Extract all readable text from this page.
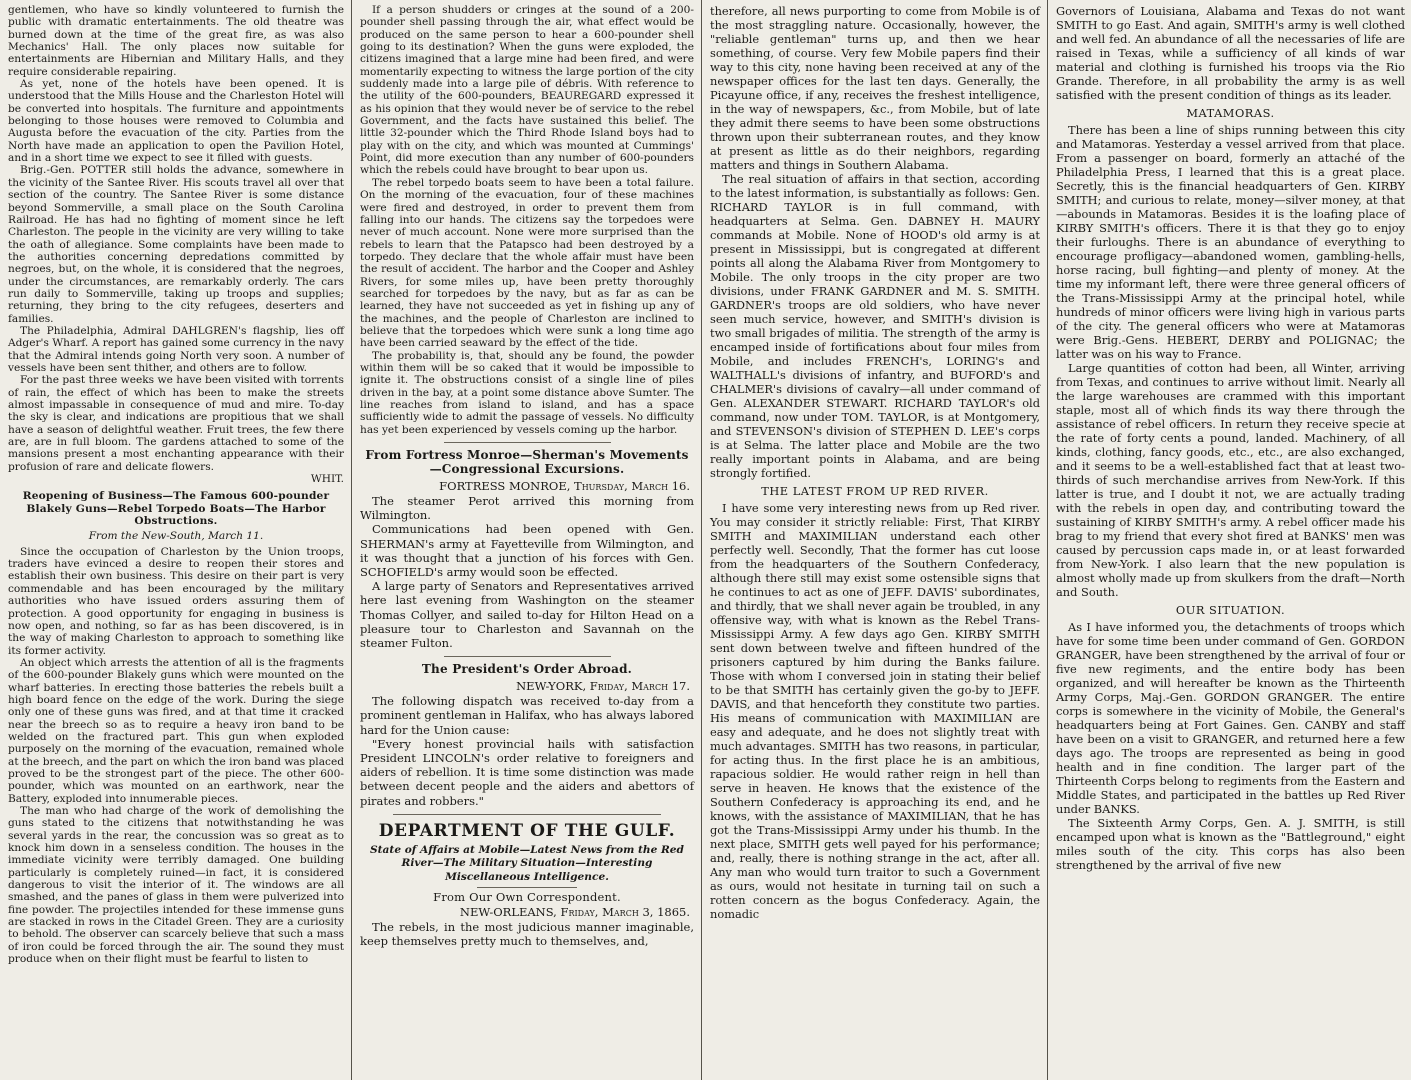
gentlemen, who have so kindly volunteered to furnish the public with dramatic entertainments. The old theatre was burned down at the time of the great fire, as was also Mechanics' Hall. The only places now suitable for entertainments are Hibernian and Military Halls, and they require considerable repairing.

As yet, none of the hotels have been opened. It is understood that the Mills House and the Charleston Hotel will be converted into hospitals. The furniture and appointments belonging to those houses were removed to Columbia and Augusta before the evacuation of the city. Parties from the North have made an application to open the Pavilion Hotel, and in a short time we expect to see it filled with guests.

Brig.-Gen. POTTER still holds the advance, somewhere in the vicinity of the Santee River. His scouts travel all over that section of the country. The Santee River is some distance beyond Sommerville, a small place on the South Carolina Railroad. He has had no fighting of moment since he left Charleston. The people in the vicinity are very willing to take the oath of allegiance. Some complaints have been made to the authorities concerning depredations committed by negroes, but, on the whole, it is considered that the negroes, under the circumstances, are remarkably orderly. The cars run daily to Sommerville, taking up troops and supplies; returning, they bring to the city refugees, deserters and families.

The Philadelphia, Admiral DAHLGREN's flagship, lies off Adger's Wharf. A report has gained some currency in the navy that the Admiral intends going North very soon. A number of vessels have been sent thither, and others are to follow.

For the past three weeks we have been visited with torrents of rain, the effect of which has been to make the streets almost impassable in consequence of mud and mire. To-day the sky is clear, and indications are propitious that we shall have a season of delightful weather. Fruit trees, the few there are, are in full bloom. The gardens attached to some of the mansions present a most enchanting appearance with their profusion of rare and delicate flowers.

WHIT.

Reopening of Business—The Famous 600-pounder Blakely Guns—Rebel Torpedo Boats—The Harbor Obstructions.

From the New-South, March 11.

Since the occupation of Charleston by the Union troops, traders have evinced a desire to reopen their stores and establish their own business. This desire on their part is very commendable and has been encouraged by the military authorities who have issued orders assuring them of protection. A good opportunity for engaging in business is now open, and nothing, so far as has been discovered, is in the way of making Charleston to approach to something like its former activity.

An object which arrests the attention of all is the fragments of the 600-pounder Blakely guns which were mounted on the wharf batteries. In erecting those batteries the rebels built a high board fence on the edge of the work. During the siege only one of these guns was fired, and at that time it cracked near the breech so as to require a heavy iron band to be welded on the fractured part. This gun when exploded purposely on the morning of the evacuation, remained whole at the breech, and the part on which the iron band was placed proved to be the strongest part of the piece. The other 600-pounder, which was mounted on an earthwork, near the Battery, exploded into innumerable pieces.

The man who had charge of the work of demolishing the guns stated to the citizens that notwithstanding he was several yards in the rear, the concussion was so great as to knock him down in a senseless condition. The houses in the immediate vicinity were terribly damaged. One building particularly is completely ruined—in fact, it is considered dangerous to visit the interior of it. The windows are all smashed, and the panes of glass in them were pulverized into fine powder. The projectiles intended for these immense guns are stacked in rows in the Citadel Green. They are a curiosity to behold. The observer can scarcely believe that such a mass of iron could be forced through the air. The sound they must produce when on their flight must be fearful to listen to

If a person shudders or cringes at the sound of a 200-pounder shell passing through the air, what effect would be produced on the same person to hear a 600-pounder shell going to its destination? When the guns were exploded, the citizens imagined that a large mine had been fired, and were momentarily expecting to witness the large portion of the city suddenly made into a large pile of débris. With reference to the utility of the 600-pounders, BEAUREGARD expressed it as his opinion that they would never be of service to the rebel Government, and the facts have sustained this belief. The little 32-pounder which the Third Rhode Island boys had to play with on the city, and which was mounted at Cummings' Point, did more execution than any number of 600-pounders which the rebels could have brought to bear upon us.

The rebel torpedo boats seem to have been a total failure. On the morning of the evacuation, four of these machines were fired and destroyed, in order to prevent them from falling into our hands. The citizens say the torpedoes were never of much account. None were more surprised than the rebels to learn that the Patapsco had been destroyed by a torpedo. They declare that the whole affair must have been the result of accident. The harbor and the Cooper and Ashley Rivers, for some miles up, have been pretty thoroughly searched for torpedoes by the navy, but as far as can be learned, they have not succeeded as yet in fishing up any of the machines, and the people of Charleston are inclined to believe that the torpedoes which were sunk a long time ago have been carried seaward by the effect of the tide.

The probability is, that, should any be found, the powder within them will be so caked that it would be impossible to ignite it. The obstructions consist of a single line of piles driven in the bay, at a point some distance above Sumter. The line reaches from island to island, and has a space sufficiently wide to admit the passage of vessels. No difficulty has yet been experienced by vessels coming up the harbor.

From Fortress Monroe—Sherman's Movements—Congressional Excursions.

FORTRESS MONROE, Thursday, March 16.

The steamer Perot arrived this morning from Wilmington.

Communications had been opened with Gen. SHERMAN's army at Fayetteville from Wilmington, and it was thought that a junction of his forces with Gen. SCHOFIELD's army would soon be effected.

A large party of Senators and Representatives arrived here last evening from Washington on the steamer Thomas Collyer, and sailed to-day for Hilton Head on a pleasure tour to Charleston and Savannah on the steamer Fulton.

The President's Order Abroad.

NEW-YORK, Friday, March 17.

The following dispatch was received to-day from a prominent gentleman in Halifax, who has always labored hard for the Union cause:

"Every honest provincial hails with satisfaction President LINCOLN's order relative to foreigners and aiders of rebellion. It is time some distinction was made between decent people and the aiders and abettors of pirates and robbers."

DEPARTMENT OF THE GULF.

State of Affairs at Mobile—Latest News from the Red River—The Military Situation—Interesting Miscellaneous Intelligence.

From Our Own Correspondent.

NEW-ORLEANS, Friday, March 3, 1865.

The rebels, in the most judicious manner imaginable, keep themselves pretty much to themselves, and,

therefore, all news purporting to come from Mobile is of the most straggling nature. Occasionally, however, the "reliable gentleman" turns up, and then we hear something, of course. Very few Mobile papers find their way to this city, none having been received at any of the newspaper offices for the last ten days. Generally, the Picayune office, if any, receives the freshest intelligence, in the way of newspapers, &c., from Mobile, but of late they admit there seems to have been some obstructions thrown upon their subterranean routes, and they know at present as little as do their neighbors, regarding matters and things in Southern Alabama.

The real situation of affairs in that section, according to the latest information, is substantially as follows: Gen. RICHARD TAYLOR is in full command, with headquarters at Selma. Gen. DABNEY H. MAURY commands at Mobile. None of HOOD's old army is at present in Mississippi, but is congregated at different points all along the Alabama River from Montgomery to Mobile. The only troops in the city proper are two divisions, under FRANK GARDNER and M. S. SMITH. GARDNER's troops are old soldiers, who have never seen much service, however, and SMITH's division is two small brigades of militia. The strength of the army is encamped inside of fortifications about four miles from Mobile, and includes FRENCH's, LORING's and WALTHALL's divisions of infantry, and BUFORD's and CHALMER's divisions of cavalry—all under command of Gen. ALEXANDER STEWART. RICHARD TAYLOR's old command, now under TOM. TAYLOR, is at Montgomery, and STEVENSON's division of STEPHEN D. LEE's corps is at Selma. The latter place and Mobile are the two really important points in Alabama, and are being strongly fortified.

THE LATEST FROM UP RED RIVER.

I have some very interesting news from up Red river. You may consider it strictly reliable: First, That KIRBY SMITH and MAXIMILIAN understand each other perfectly well. Secondly, That the former has cut loose from the headquarters of the Southern Confederacy, although there still may exist some ostensible signs that he continues to act as one of JEFF. DAVIS' subordinates, and thirdly, that we shall never again be troubled, in any offensive way, with what is known as the Rebel Trans-Mississippi Army. A few days ago Gen. KIRBY SMITH sent down between twelve and fifteen hundred of the prisoners captured by him during the Banks failure. Those with whom I conversed join in stating their belief to be that SMITH has certainly given the go-by to JEFF. DAVIS, and that henceforth they constitute two parties. His means of communication with MAXIMILIAN are easy and adequate, and he does not slightly treat with much advantages. SMITH has two reasons, in particular, for acting thus. In the first place he is an ambitious, rapacious soldier. He would rather reign in hell than serve in heaven. He knows that the existence of the Southern Confederacy is approaching its end, and he knows, with the assistance of MAXIMILIAN, that he has got the Trans-Mississippi Army under his thumb. In the next place, SMITH gets well payed for his performance; and, really, there is nothing strange in the act, after all. Any man who would turn traitor to such a Government as ours, would not hesitate in turning tail on such a rotten concern as the bogus Confederacy. Again, the nomadic

Governors of Louisiana, Alabama and Texas do not want SMITH to go East. And again, SMITH's army is well clothed and well fed. An abundance of all the necessaries of life are raised in Texas, while a sufficiency of all kinds of war material and clothing is furnished his troops via the Rio Grande. Therefore, in all probability the army is as well satisfied with the present condition of things as its leader.

MATAMORAS.

There has been a line of ships running between this city and Matamoras. Yesterday a vessel arrived from that place. From a passenger on board, formerly an attaché of the Philadelphia Press, I learned that this is a great place. Secretly, this is the financial headquarters of Gen. KIRBY SMITH; and curious to relate, money—silver money, at that—abounds in Matamoras. Besides it is the loafing place of KIRBY SMITH's officers. There it is that they go to enjoy their furloughs. There is an abundance of everything to encourage profligacy—abandoned women, gambling-hells, horse racing, bull fighting—and plenty of money. At the time my informant left, there were three general officers of the Trans-Mississippi Army at the principal hotel, while hundreds of minor officers were living high in various parts of the city. The general officers who were at Matamoras were Brig.-Gens. HEBERT, DERBY and POLIGNAC; the latter was on his way to France.

Large quantities of cotton had been, all Winter, arriving from Texas, and continues to arrive without limit. Nearly all the large warehouses are crammed with this important staple, most all of which finds its way there through the assistance of rebel officers. In return they receive specie at the rate of forty cents a pound, landed. Machinery, of all kinds, clothing, fancy goods, etc., etc., are also exchanged, and it seems to be a well-established fact that at least two-thirds of such merchandise arrives from New-York. If this latter is true, and I doubt it not, we are actually trading with the rebels in open day, and contributing toward the sustaining of KIRBY SMITH's army. A rebel officer made his brag to my friend that every shot fired at BANKS' men was caused by percussion caps made in, or at least forwarded from New-York. I also learn that the new population is almost wholly made up from skulkers from the draft—North and South.

OUR SITUATION.

As I have informed you, the detachments of troops which have for some time been under command of Gen. GORDON GRANGER, have been strengthened by the arrival of four or five new regiments, and the entire body has been organized, and will hereafter be known as the Thirteenth Army Corps, Maj.-Gen. GORDON GRANGER. The entire corps is somewhere in the vicinity of Mobile, the General's headquarters being at Fort Gaines. Gen. CANBY and staff have been on a visit to GRANGER, and returned here a few days ago. The troops are represented as being in good health and in fine condition. The larger part of the Thirteenth Corps belong to regiments from the Eastern and Middle States, and participated in the battles up Red River under BANKS.

The Sixteenth Army Corps, Gen. A. J. SMITH, is still encamped upon what is known as the "Battleground," eight miles south of the city. This corps has also been strengthened by the arrival of five new
